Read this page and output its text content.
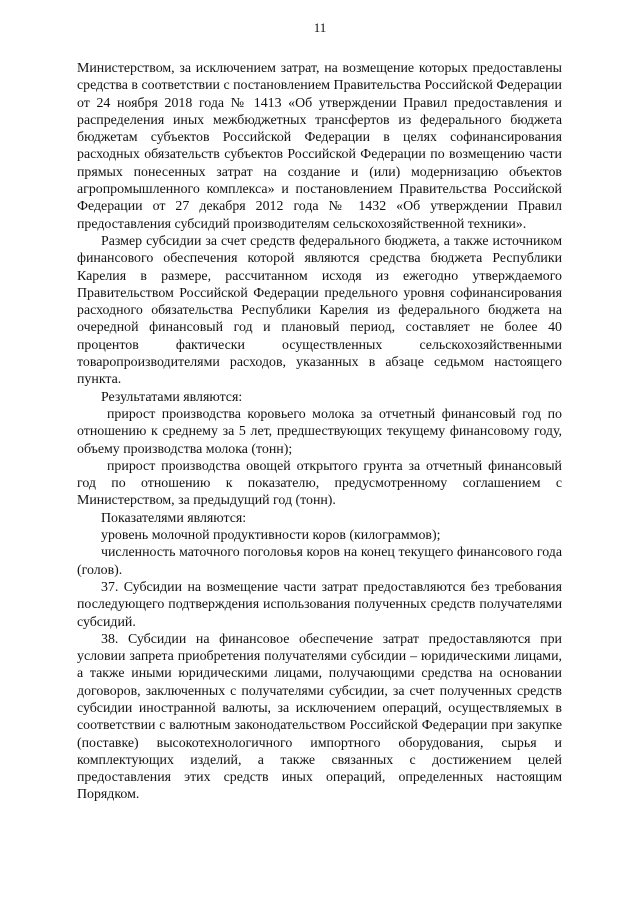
11

Министерством, за исключением затрат, на возмещение которых предоставлены средства в соответствии с постановлением Правительства Российской Федерации от 24 ноября 2018 года № 1413 «Об утверждении Правил предоставления и распределения иных межбюджетных трансфертов из федерального бюджета бюджетам субъектов Российской Федерации в целях софинансирования расходных обязательств субъектов Российской Федерации по возмещению части прямых понесенных затрат на создание и (или) модернизацию объектов агропромышленного комплекса» и постановлением Правительства Российской Федерации от 27 декабря 2012 года № 1432 «Об утверждении Правил предоставления субсидий производителям сельскохозяйственной техники».

Размер субсидии за счет средств федерального бюджета, а также источником финансового обеспечения которой являются средства бюджета Республики Карелия в размере, рассчитанном исходя из ежегодно утверждаемого Правительством Российской Федерации предельного уровня софинансирования расходного обязательства Республики Карелия из федерального бюджета на очередной финансовый год и плановый период, составляет не более 40 процентов фактически осуществленных сельскохозяйственными товаропроизводителями расходов, указанных в абзаце седьмом настоящего пункта.

Результатами являются:

прирост производства коровьего молока за отчетный финансовый год по отношению к среднему за 5 лет, предшествующих текущему финансовому году, объему производства молока (тонн);

прирост производства овощей открытого грунта за отчетный финансовый год по отношению к показателю, предусмотренному соглашением с Министерством, за предыдущий год (тонн).

Показателями являются:

уровень молочной продуктивности коров (килограммов);

численность маточного поголовья коров на конец текущего финансового года (голов).

37. Субсидии на возмещение части затрат предоставляются без требования последующего подтверждения использования полученных средств получателями субсидий.

38. Субсидии на финансовое обеспечение затрат предоставляются при условии запрета приобретения получателями субсидии – юридическими лицами, а также иными юридическими лицами, получающими средства на основании договоров, заключенных с получателями субсидии, за счет полученных средств субсидии иностранной валюты, за исключением операций, осуществляемых в соответствии с валютным законодательством Российской Федерации при закупке (поставке) высокотехнологичного импортного оборудования, сырья и комплектующих изделий, а также связанных с достижением целей предоставления этих средств иных операций, определенных настоящим Порядком.
